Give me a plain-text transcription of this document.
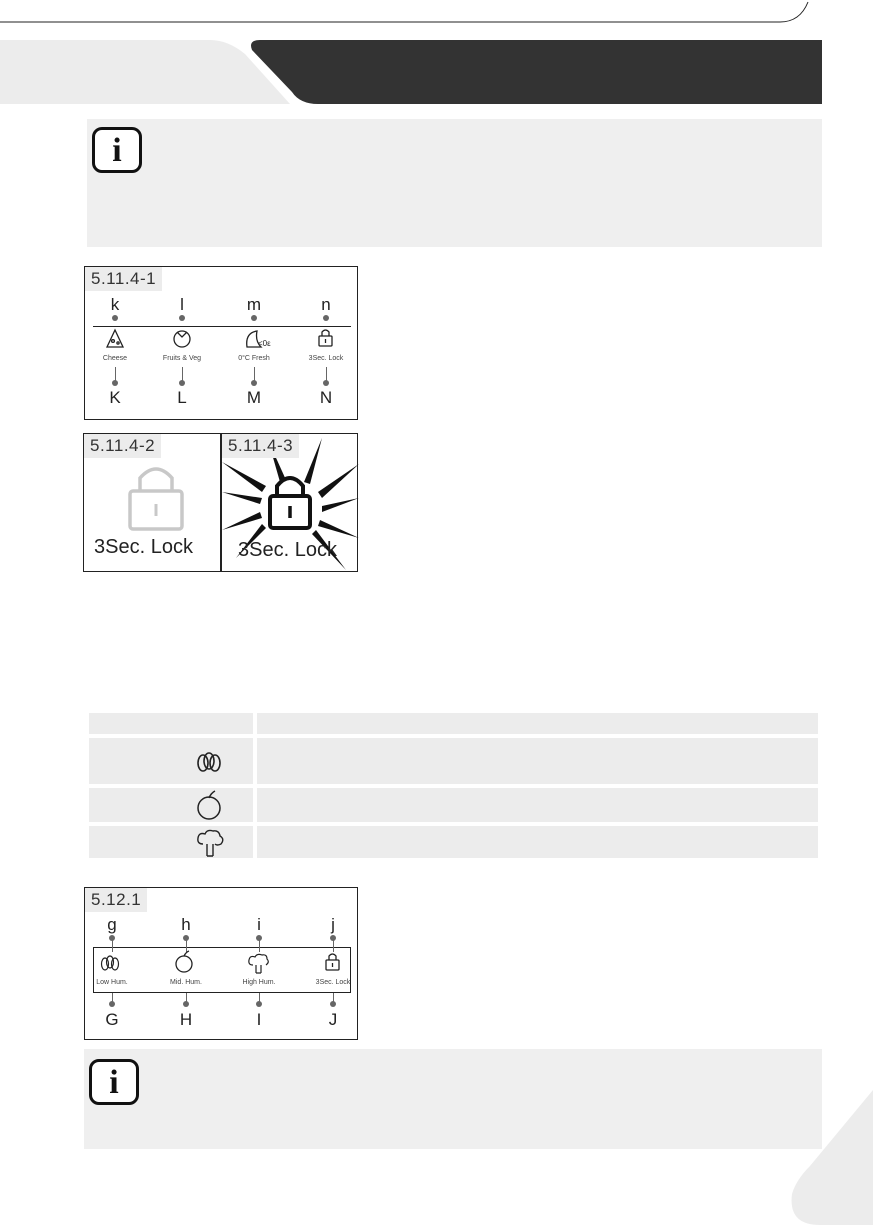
i
5.11.4-1
k	l	m	n
<0ε
Cheese	Fruits & Veg	0°C Fresh	3Sec. Lock
K	L	M	N
5.11.4-2
3Sec. Lock
5.11.4-3
3Sec. Lock
5.12.1
g	h	i	j
Low Hum.	Mid. Hum.	High Hum.	3Sec. Lock
G	H	I	J
i
